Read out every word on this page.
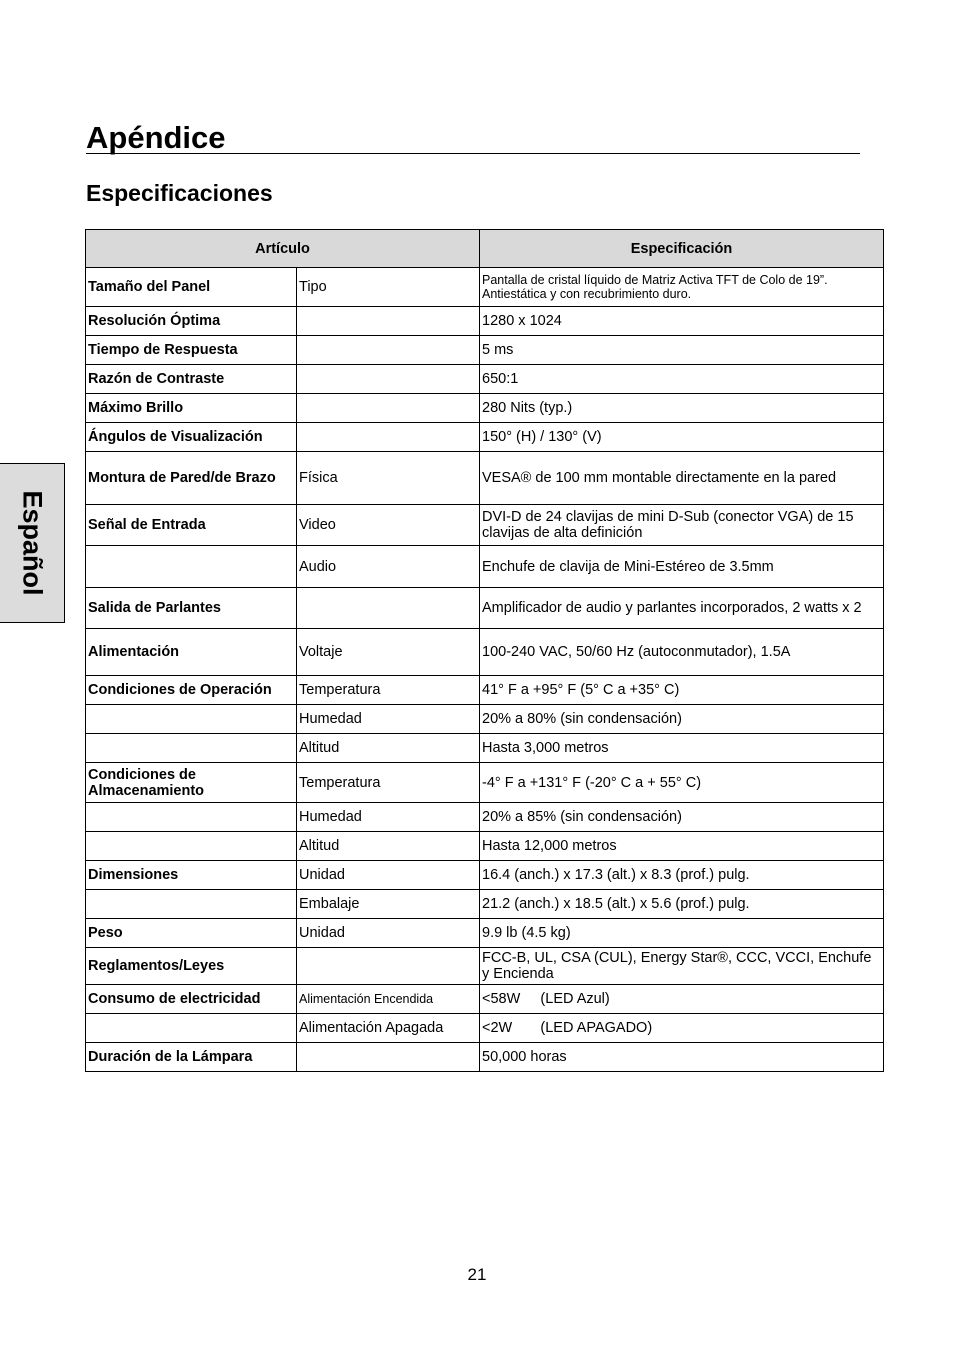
Apéndice
Especificaciones
Español
Artículo		Especificación
Tamaño del Panel	Tipo	Pantalla de cristal líquido de Matriz Activa TFT de Colo de 19”. Antiestática y con recubrimiento duro.
Resolución Óptima		1280 x 1024
Tiempo de Respuesta		5 ms
Razón de Contraste		650:1
Máximo Brillo		280 Nits (typ.)
Ángulos de Visualización		150° (H) / 130° (V)
Montura de Pared/de Brazo	Física	VESA® de 100 mm montable directamente en la pared
Señal de Entrada	Video	DVI-D de 24 clavijas de mini D-Sub (conector VGA) de 15 clavijas de alta definición
	Audio	Enchufe de clavija de Mini-Estéreo de 3.5mm
Salida de Parlantes		Amplificador de audio y parlantes incorporados, 2 watts x 2
Alimentación	Voltaje	100-240 VAC, 50/60 Hz (autoconmutador), 1.5A
Condiciones de Operación	Temperatura	41° F a +95° F (5° C a +35° C)
	Humedad	20% a 80% (sin condensación)
	Altitud	Hasta 3,000 metros
Condiciones de Almacenamiento	Temperatura	-4° F a +131° F (-20° C a + 55° C)
	Humedad	20% a 85% (sin condensación)
	Altitud	Hasta 12,000 metros
Dimensiones	Unidad	16.4 (anch.) x 17.3 (alt.) x 8.3 (prof.) pulg.
	Embalaje	21.2 (anch.) x 18.5 (alt.) x 5.6 (prof.) pulg.
Peso	Unidad	9.9 lb (4.5 kg)
Reglamentos/Leyes		FCC-B, UL, CSA (CUL), Energy Star®, CCC, VCCI, Enchufe y Encienda
Consumo de electricidad	Alimentación Encendida	<58W     (LED Azul)
	Alimentación Apagada	<2W       (LED APAGADO)
Duración de la Lámpara		50,000 horas
21
